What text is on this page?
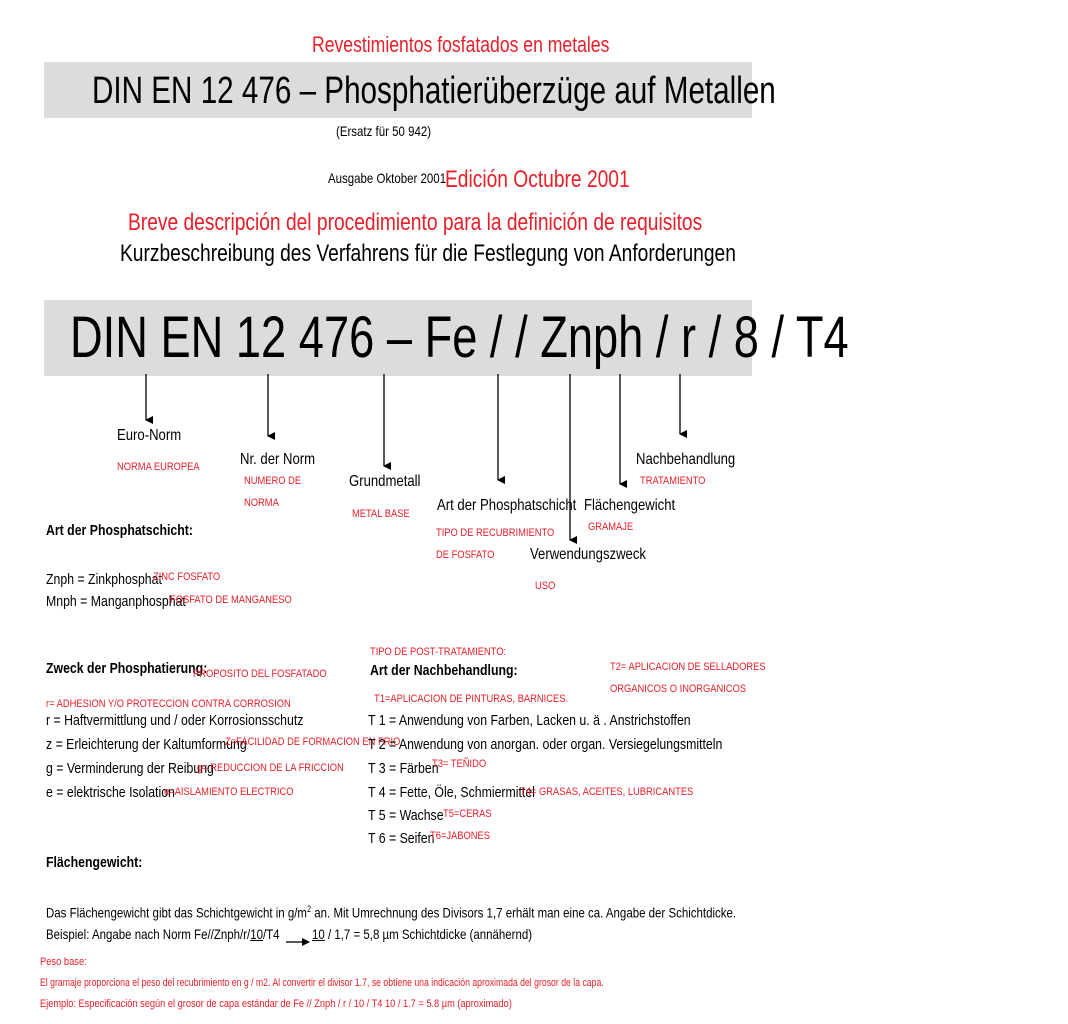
Revestimientos fosfatados en metales
DIN EN 12 476 – Phosphatierüberzüge auf Metallen
(Ersatz für 50 942)
Ausgabe Oktober 2001
Edición Octubre 2001
Breve descripción del procedimiento para la definición de requisitos
Kurzbeschreibung des Verfahrens für die Festlegung von Anforderungen
DIN EN 12 476 – Fe / / Znph / r / 8 / T4
Euro-Norm
NORMA EUROPEA	Nr. der Norm
NUMERO DE
NORMA
Grundmetall
METAL BASE	Art der Phosphatschicht
TIPO DE RECUBRIMIENTO
DE FOSFATO	Verwendungszweck
USO
Flächengewicht
GRAMAJE
Nachbehandlung
TRATAMIENTO
Art der Phosphatschicht:
Znph = Zinkphosphat
ZINC FOSFATO
Mnph = Manganphosphat
FOSFATO DE MANGANESO
Zweck der Phosphatierung:
PROPOSITO DEL FOSFATADO
r= ADHESION Y/O PROTECCION CONTRA CORROSION
r = Haftvermittlung und / oder Korrosionsschutz
z = Erleichterung der Kaltumformung
Z=FACILIDAD DE FORMACION EN FRIO
g = Verminderung der Reibung
g= REDUCCION DE LA FRICCION
e = elektrische Isolation
e=AISLAMIENTO ELECTRICO
TIPO DE POST-TRATAMIENTO:
Art der Nachbehandlung:	T2= APLICACION DE SELLADORES
ORGANICOS O INORGANICOS
T1=APLICACION DE PINTURAS, BARNICES.
T 1 = Anwendung von Farben, Lacken u. ä . Anstrichstoffen
T 2 = Anwendung von anorgan. oder organ. Versiegelungsmitteln
T 3 = Färben
T3= TEÑIDO
T 4 = Fette, Öle, Schmiermittel
T4= GRASAS, ACEITES, LUBRICANTES
T 5 = Wachse T5=CERAS
T 6 = Seifen
T6=JABONES
Flächengewicht:
Das Flächengewicht gibt das Schichtgewicht in $g/m^2$ an. Mit Umrechnung des Divisors 1,7 erhält man eine ca. Angabe der Schichtdicke.
Beispiel: Angabe nach Norm Fe//Znph/r/10/T4	10 / 1,7 = 5,8 µm Schichtdicke (annähernd)
Peso base:
El gramaje proporciona el peso del recubrimiento en g / m2. Al convertir el divisor 1.7, se obtiene una indicación aproximada del grosor de la capa.
Ejemplo: Especificación según el grosor de capa estándar de Fe // Znph / r / 10 / T4 10 / 1.7 = 5.8 µm (aproximado)
